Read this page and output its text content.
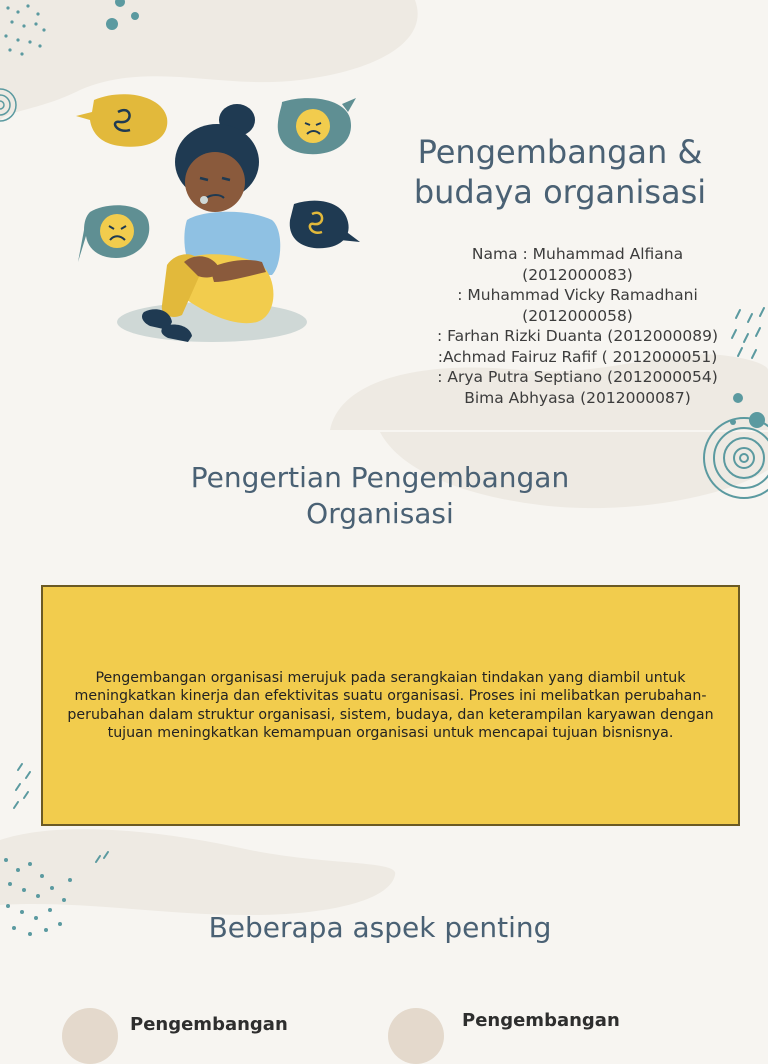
Pengembangan & budaya organisasi
Nama : Muhammad Alfiana
(2012000083)
: Muhammad Vicky Ramadhani
(2012000058)
: Farhan Rizki Duanta (2012000089)
:Achmad Fairuz Rafif ( 2012000051)
: Arya Putra Septiano (2012000054)
Bima Abhyasa (2012000087)
Pengertian Pengembangan Organisasi

Pengembangan organisasi merujuk pada serangkaian tindakan yang diambil untuk meningkatkan kinerja dan efektivitas suatu organisasi. Proses ini melibatkan perubahan-perubahan dalam struktur organisasi, sistem, budaya, dan keterampilan karyawan dengan tujuan meningkatkan kemampuan organisasi untuk mencapai tujuan bisnisnya.

Beberapa aspek penting
Pengembangan	Pengembangan
